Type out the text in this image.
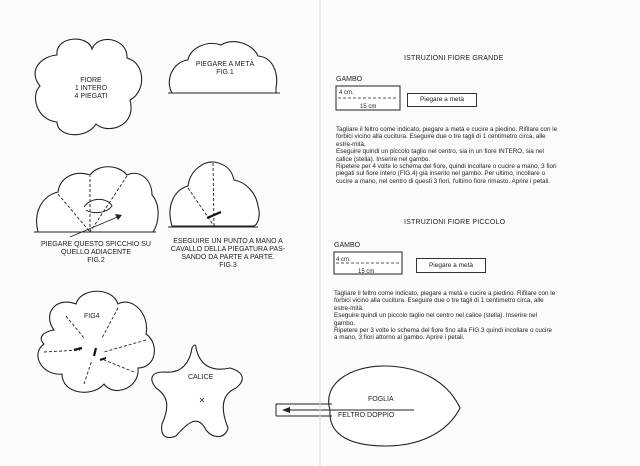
FIORE
1 INTERO
4 PIEGATI
PIEGARE A METÀ
FIG.1
PIEGARE QUESTO SPICCHIO SU
QUELLO ADIACENTE
FIG.2
ESEGUIRE UN PUNTO A MANO A
CAVALLO DELLA PIEGATURA PAS-
SANDO DA PARTE A PARTE.
FIG.3
FIG4
CALICE
FOGLIA
FELTRO DOPPIO
ISTRUZIONI FIORE GRANDE
GAMBO
4 cm.
15 cm
Piegare a metà
Tagliare il feltro come indicato, piegare a metà e cucire a piedino. Rifilare con le forbici vicino alla cucitura. Eseguire due o tre tagli di 1 centimetro circa, alle estre-mità.
Eseguire quindi un piccolo taglio nel centro, sia in un fiore INTERO, sia nel calice (stella). Inserire nel gambo.
Ripetere per 4 volte lo schema del fiore, quindi incollare o cucire a mano, 3 fiori piegati sul fiore intero (FIG.4) già inserito nel gambo. Per ultimo, incollare o cucire a mano, nel centro di questi 3 fiori, l'ultimo fiore rimasto. Aprire i petali.
ISTRUZIONI FIORE PICCOLO
GAMBO
4 cm.
15 cm
Piegare a metà
Tagliare il feltro come indicato, piegare a metà e cucire a piedino. Rifilare con le forbici vicino alla cucitura. Eseguire due o tre tagli di 1 centimetro circa, alle estre-mità.
Eseguire quindi un piccolo taglio nel centro nel calice (stella). Inserire nel gambo.
Ripetere per 3 volte lo schema del fiore fino alla FIG.3 quindi incollare o cucire a mano, 3 fiori attorno al gambo. Aprire i petali.
